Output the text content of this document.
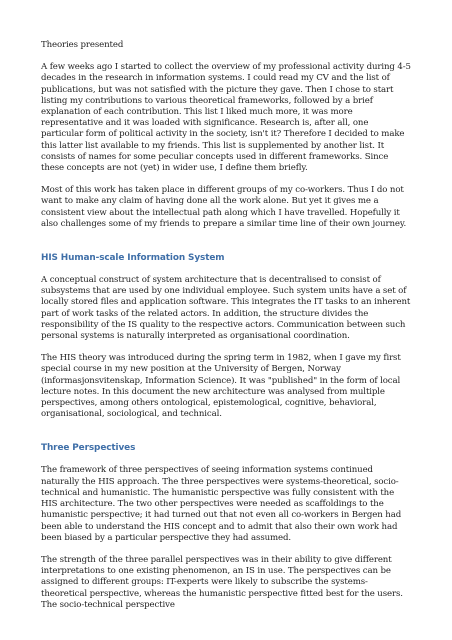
Theories presented

A few weeks ago I started to collect the overview of my professional activity during 4-5 decades in the research in information systems. I could read my CV and the list of publications, but was not satisfied with the picture they gave. Then I chose to start listing my contributions to various theoretical frameworks, followed by a brief explanation of each contribution. This list I liked much more, it was more representative and it was loaded with significance. Research is, after all, one particular form of political activity in the society, isn't it? Therefore I decided to make this latter list available to my friends. This list is supplemented by another list. It consists of names for some peculiar concepts used in different frameworks. Since these concepts are not (yet) in wider use, I define them briefly.

Most of this work has taken place in different groups of my co-workers. Thus I do not want to make any claim of having done all the work alone. But yet it gives me a consistent view about the intellectual path along which I have travelled. Hopefully it also challenges some of my friends to prepare a similar time line of their own journey.

HIS Human-scale Information System

A conceptual construct of system architecture that is decentralised to consist of subsystems that are used by one individual employee. Such system units have a set of locally stored files and application software. This integrates the IT tasks to an inherent part of work tasks of the related actors. In addition, the structure divides the responsibility of the IS quality to the respective actors. Communication between such personal systems is naturally interpreted as organisational coordination.

The HIS theory was introduced during the spring term in 1982, when I gave my first special course in my new position at the University of Bergen, Norway (informasjonsvitenskap, Information Science). It was "published" in the form of local lecture notes. In this document the new architecture was analysed from multiple perspectives, among others ontological, epistemological, cognitive, behavioral, organisational, sociological, and technical.

Three Perspectives

The framework of three perspectives of seeing information systems continued naturally the HIS approach. The three perspectives were systems-theoretical, socio-technical and humanistic. The humanistic perspective was fully consistent with the HIS architecture. The two other perspectives were needed as scaffoldings to the humanistic perspective; it had turned out that not even all co-workers in Bergen had been able to understand the HIS concept and to admit that also their own work had been biased by a particular perspective they had assumed.

The strength of the three parallel perspectives was in their ability to give different interpretations to one existing phenomenon, an IS in use. The perspectives can be assigned to different groups: IT-experts were likely to subscribe the systems-theoretical perspective, whereas the humanistic perspective fitted best for the users. The socio-technical perspective
